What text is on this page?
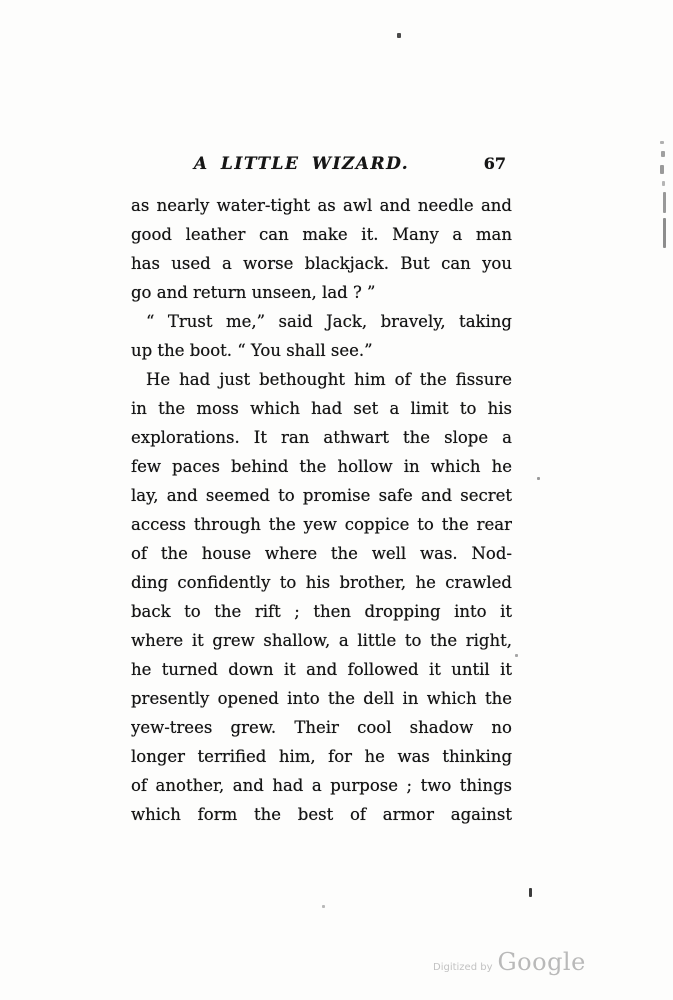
A LITTLE WIZARD.	67
as nearly water-tight as awl and needle and
good leather can make it. Many a man
has used a worse blackjack. But can you
go and return unseen, lad ? ”
“ Trust me,” said Jack, bravely, taking
up the boot. “ You shall see.”
He had just bethought him of the fissure
in the moss which had set a limit to his
explorations. It ran athwart the slope a
few paces behind the hollow in which he
lay, and seemed to promise safe and secret
access through the yew coppice to the rear
of the house where the well was. Nod-
ding confidently to his brother, he crawled
back to the rift ; then dropping into it
where it grew shallow, a little to the right,
he turned down it and followed it until it
presently opened into the dell in which the
yew-trees grew. Their cool shadow no
longer terrified him, for he was thinking
of another, and had a purpose ; two things
which form the best of armor against
Digitized by Google
